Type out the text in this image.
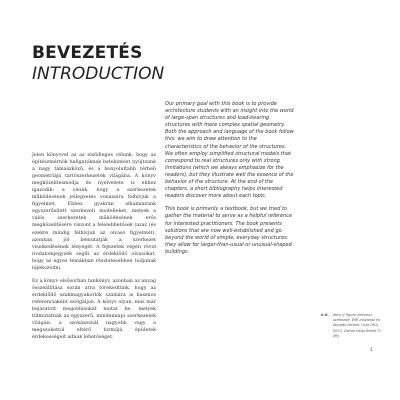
BEVEZETÉS
INTRODUCTION

Jelen könyvvel az az elsődleges célunk, hogy az építészmérnök hallgatóknak betekintést nyújtsunk a nagy támaszközű, és a bonyolultabb térbeli geometriájú tartószerkezetek világába. A könyv megközelítésmódja és nyelvezete is ehhez igazodik: a céunk, hogy a szerkezetek működésének jellegzetes vonásaira felhívjuk a figyelmet. Ehhez gyakran alkalmazunk egyszerűsített szerkezeti modelleket, melyek a valós szerkezetek működésének erős megközelítésére viszont a felelebbetősek (azaz (és ezekre mindig felhívjuk az olvasó figyelmét), azonban jól bemutatják a szerkezet viselkedésének lényegét. A fejezetek végén rövid irodalomjegyzék segíti az érdeklődő olvasókat, hogy az egyes témákban részletesebben tudjanak tájékozódni.

Ez a könyv elsősorban tankönyv, azonban az anyag összeállítása során arra törekedtünk, hogy az érdeklődő szakmagyakorlók számára is hasznos referenciaként szolgáljon. A könyv olyan, más már bejáratott megoldásokat mutat be, melyek túlmutatnak az egyszerű, mindennapi szerkezetek világán: a szokásosnál nagyobb vagy a megszokottól eltérő formájú épületek érdekességeit adnak lehetőséget.

Our primary goal with this book is to provide architecture students with an insight into the world of large-span structures and load-bearing structures with more complex spatial geometry. Both the approach and language of the book follow this: we aim to draw attention to the characteristics of the behavior of the structures. We often employ simplified structural models that correspond to real structures only with strong limitations (which we always emphasize for the readers), but they illustrate well the essence of the behavior of the structure. At the end of the chapters, a short bibliography helps interested readers discover more about each topic.

This book is primarily a textbook, but we tried to gather the material to serve as a helpful reference for interested practitioners. The book presents solutions that are now well-established and go beyond the world of simple, everyday structures: they allow for larger-than-usual or unusual-shaped buildings.

b.8. ábra // figure pénzmo-széhezde, ÉMI irodaház és tanulás-terepe, hvla (HU), 2013. Detail Hegs Balint © (ét)
1
